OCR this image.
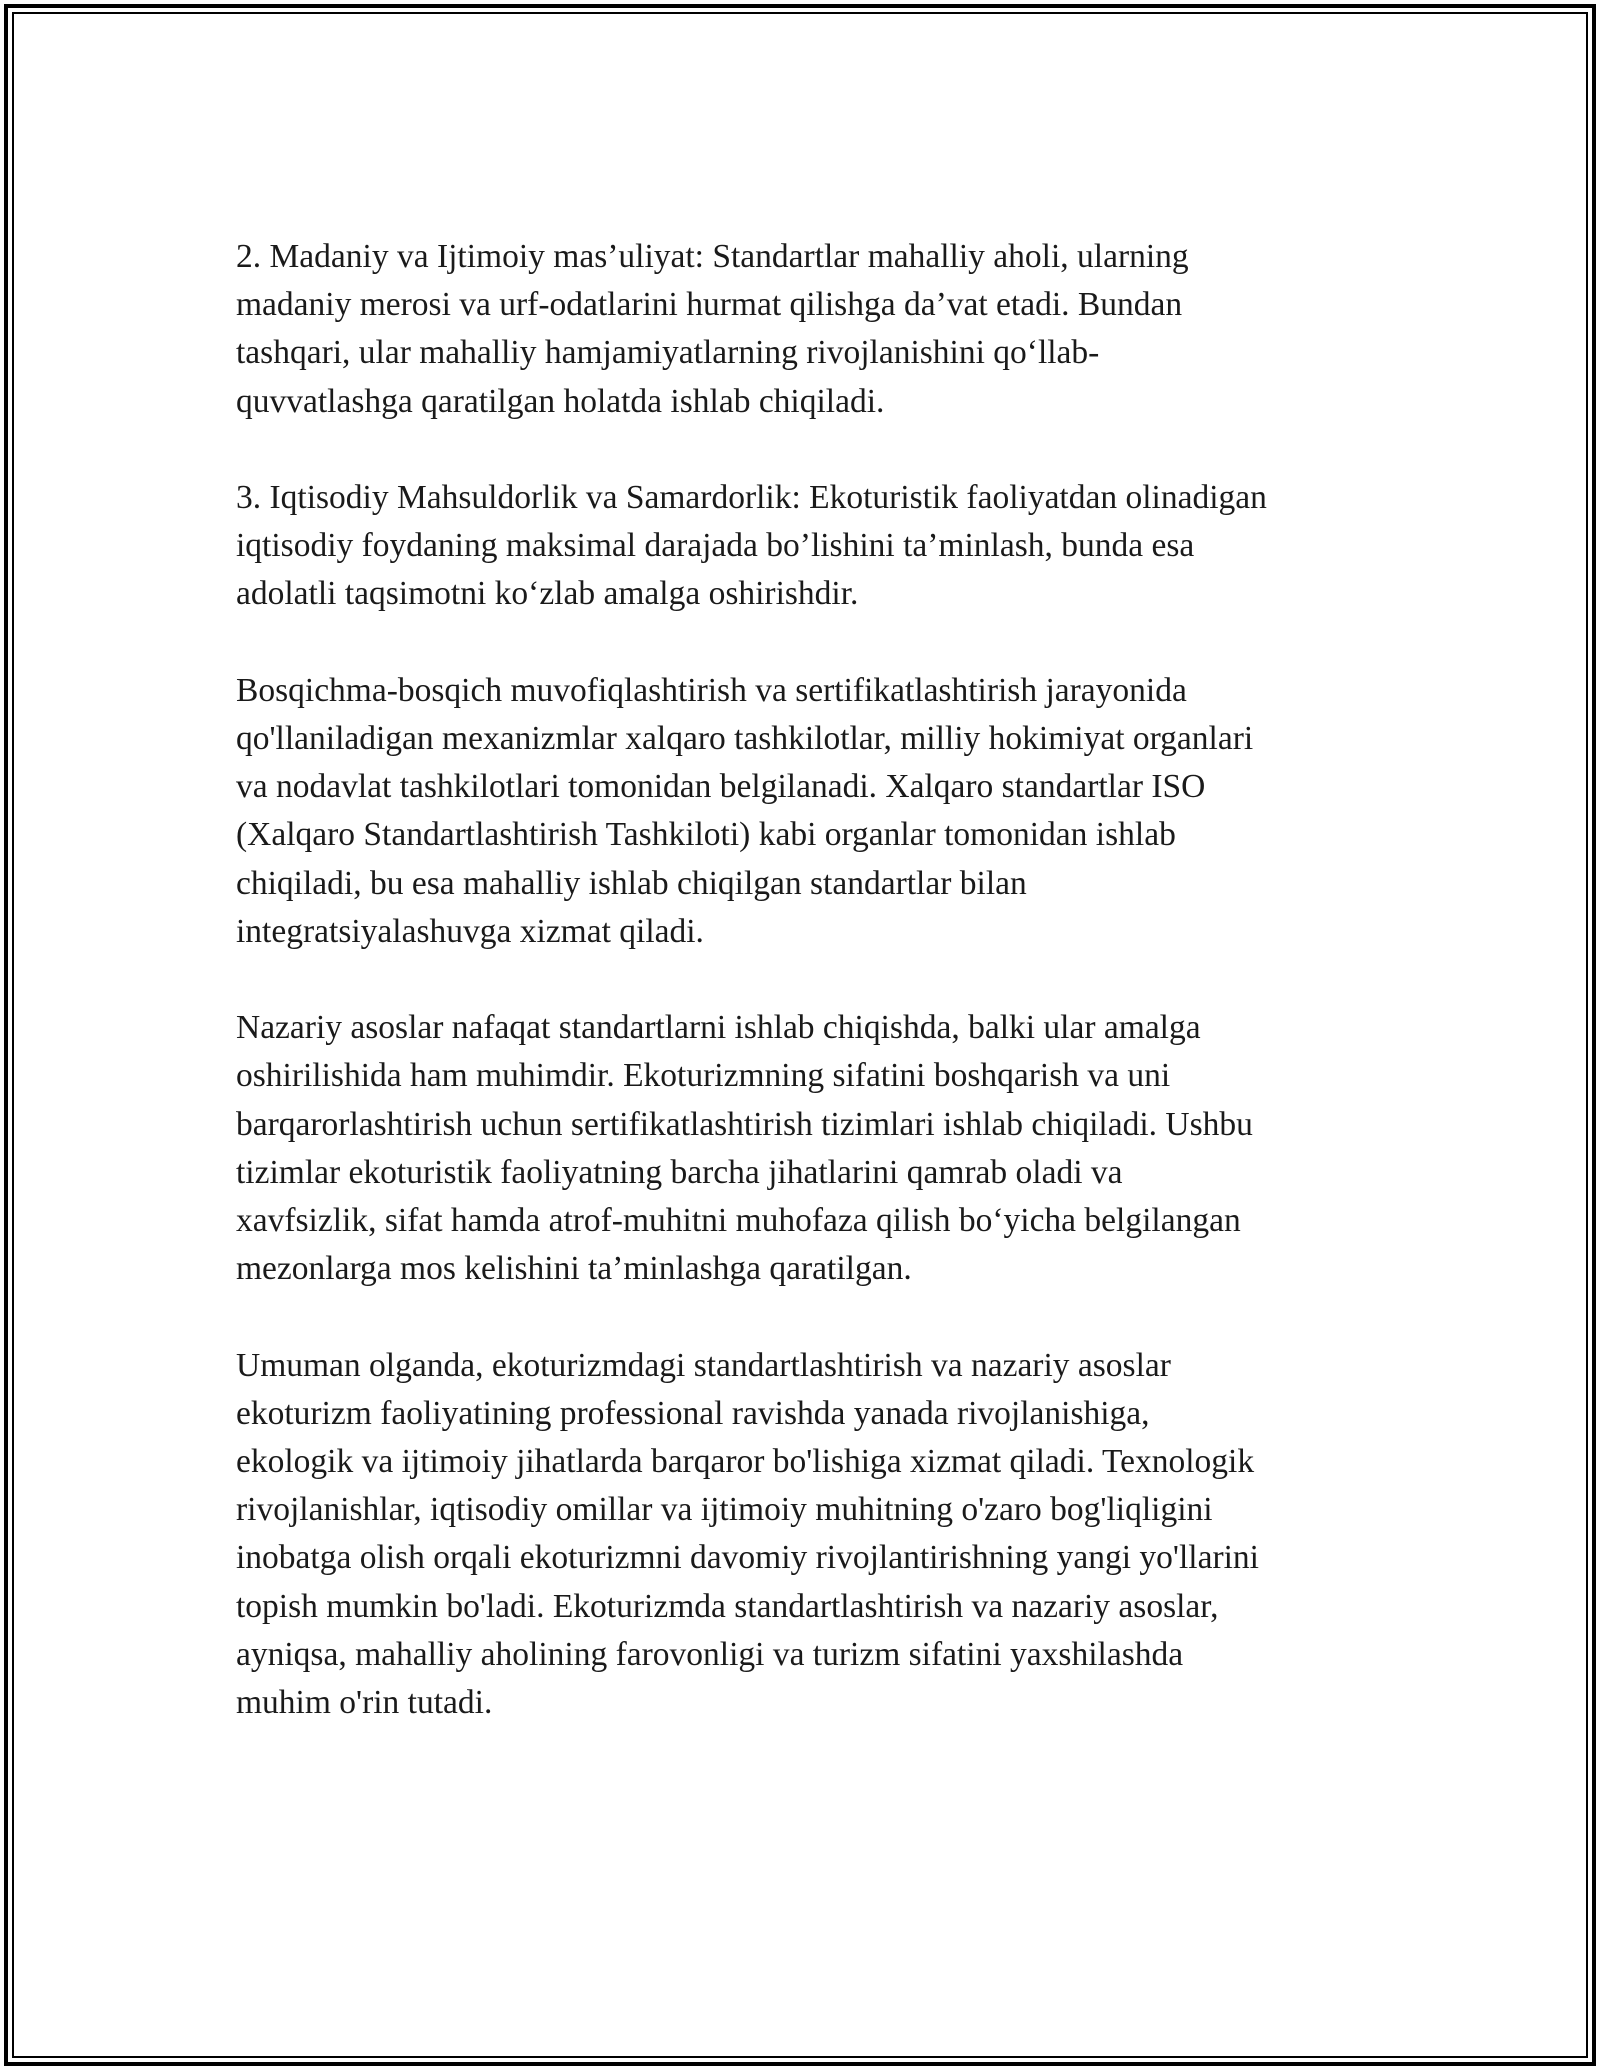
2. Madaniy va Ijtimoiy mas’uliyat: Standartlar mahalliy aholi, ularning
madaniy merosi va urf-odatlarini hurmat qilishga da’vat etadi. Bundan
tashqari, ular mahalliy hamjamiyatlarning rivojlanishini qo‘llab-
quvvatlashga qaratilgan holatda ishlab chiqiladi.

3. Iqtisodiy Mahsuldorlik va Samardorlik: Ekoturistik faoliyatdan olinadigan
iqtisodiy foydaning maksimal darajada bo’lishini ta’minlash, bunda esa
adolatli taqsimotni ko‘zlab amalga oshirishdir.

Bosqichma-bosqich muvofiqlashtirish va sertifikatlashtirish jarayonida
qo'llaniladigan mexanizmlar xalqaro tashkilotlar, milliy hokimiyat organlari
va nodavlat tashkilotlari tomonidan belgilanadi. Xalqaro standartlar ISO
(Xalqaro Standartlashtirish Tashkiloti) kabi organlar tomonidan ishlab
chiqiladi, bu esa mahalliy ishlab chiqilgan standartlar bilan
integratsiyalashuvga xizmat qiladi.

Nazariy asoslar nafaqat standartlarni ishlab chiqishda, balki ular amalga
oshirilishida ham muhimdir. Ekoturizmning sifatini boshqarish va uni
barqarorlashtirish uchun sertifikatlashtirish tizimlari ishlab chiqiladi. Ushbu
tizimlar ekoturistik faoliyatning barcha jihatlarini qamrab oladi va
xavfsizlik, sifat hamda atrof-muhitni muhofaza qilish bo‘yicha belgilangan
mezonlarga mos kelishini ta’minlashga qaratilgan.

Umuman olganda, ekoturizmdagi standartlashtirish va nazariy asoslar
ekoturizm faoliyatining professional ravishda yanada rivojlanishiga,
ekologik va ijtimoiy jihatlarda barqaror bo'lishiga xizmat qiladi. Texnologik
rivojlanishlar, iqtisodiy omillar va ijtimoiy muhitning o'zaro bog'liqligini
inobatga olish orqali ekoturizmni davomiy rivojlantirishning yangi yo'llarini
topish mumkin bo'ladi. Ekoturizmda standartlashtirish va nazariy asoslar,
ayniqsa, mahalliy aholining farovonligi va turizm sifatini yaxshilashda
muhim o'rin tutadi.
